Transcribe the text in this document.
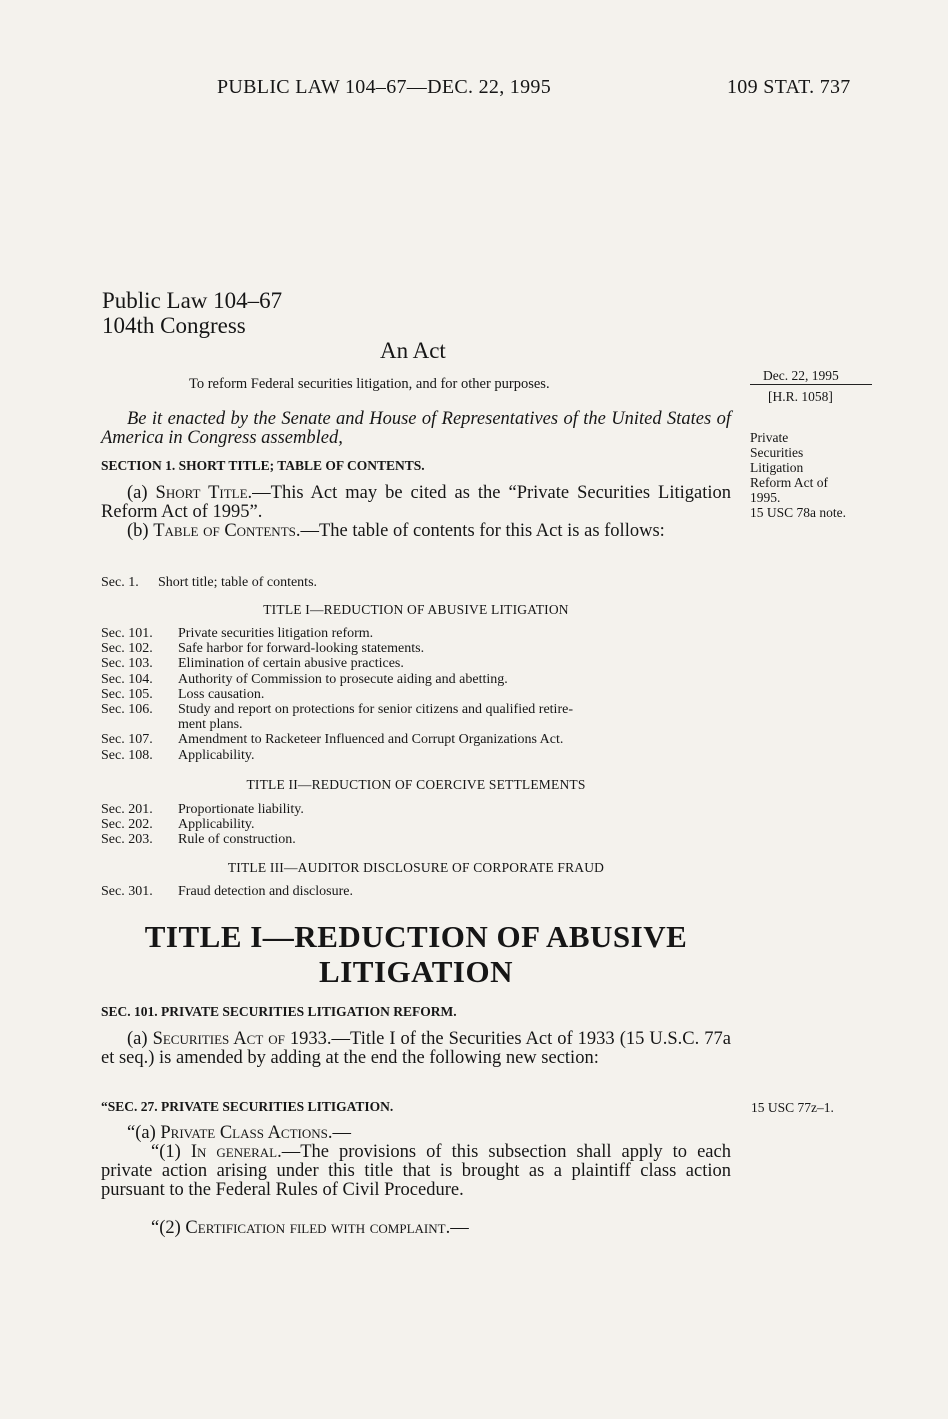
PUBLIC LAW 104–67—DEC. 22, 1995	109 STAT. 737
Public Law 104–67
104th Congress
An Act
To reform Federal securities litigation, and for other purposes.
Dec. 22, 1995
[H.R. 1058]
Private
Securities
Litigation
Reform Act of
1995.
15 USC 78a note.
15 USC 77z–1.
Be it enacted by the Senate and House of Representatives of the United States of America in Congress assembled,
SECTION 1. SHORT TITLE; TABLE OF CONTENTS.
(a) Short Title.—This Act may be cited as the “Private Securities Litigation Reform Act of 1995”.
(b) Table of Contents.—The table of contents for this Act is as follows:
Sec. 1.	Short title; table of contents.
TITLE I—REDUCTION OF ABUSIVE LITIGATION
Sec. 101.	Private securities litigation reform.
Sec. 102.	Safe harbor for forward-looking statements.
Sec. 103.	Elimination of certain abusive practices.
Sec. 104.	Authority of Commission to prosecute aiding and abetting.
Sec. 105.	Loss causation.
Sec. 106.	Study and report on protections for senior citizens and qualified retire-
ment plans.
Sec. 107.	Amendment to Racketeer Influenced and Corrupt Organizations Act.
Sec. 108.	Applicability.
TITLE II—REDUCTION OF COERCIVE SETTLEMENTS
Sec. 201.	Proportionate liability.
Sec. 202.	Applicability.
Sec. 203.	Rule of construction.
TITLE III—AUDITOR DISCLOSURE OF CORPORATE FRAUD
Sec. 301.	Fraud detection and disclosure.
TITLE I—REDUCTION OF ABUSIVE
LITIGATION
SEC. 101. PRIVATE SECURITIES LITIGATION REFORM.
(a) Securities Act of 1933.—Title I of the Securities Act of 1933 (15 U.S.C. 77a et seq.) is amended by adding at the end the following new section:
“SEC. 27. PRIVATE SECURITIES LITIGATION.
“(a) Private Class Actions.—
“(1) In general.—The provisions of this subsection shall apply to each private action arising under this title that is brought as a plaintiff class action pursuant to the Federal Rules of Civil Procedure.
“(2) Certification filed with complaint.—
